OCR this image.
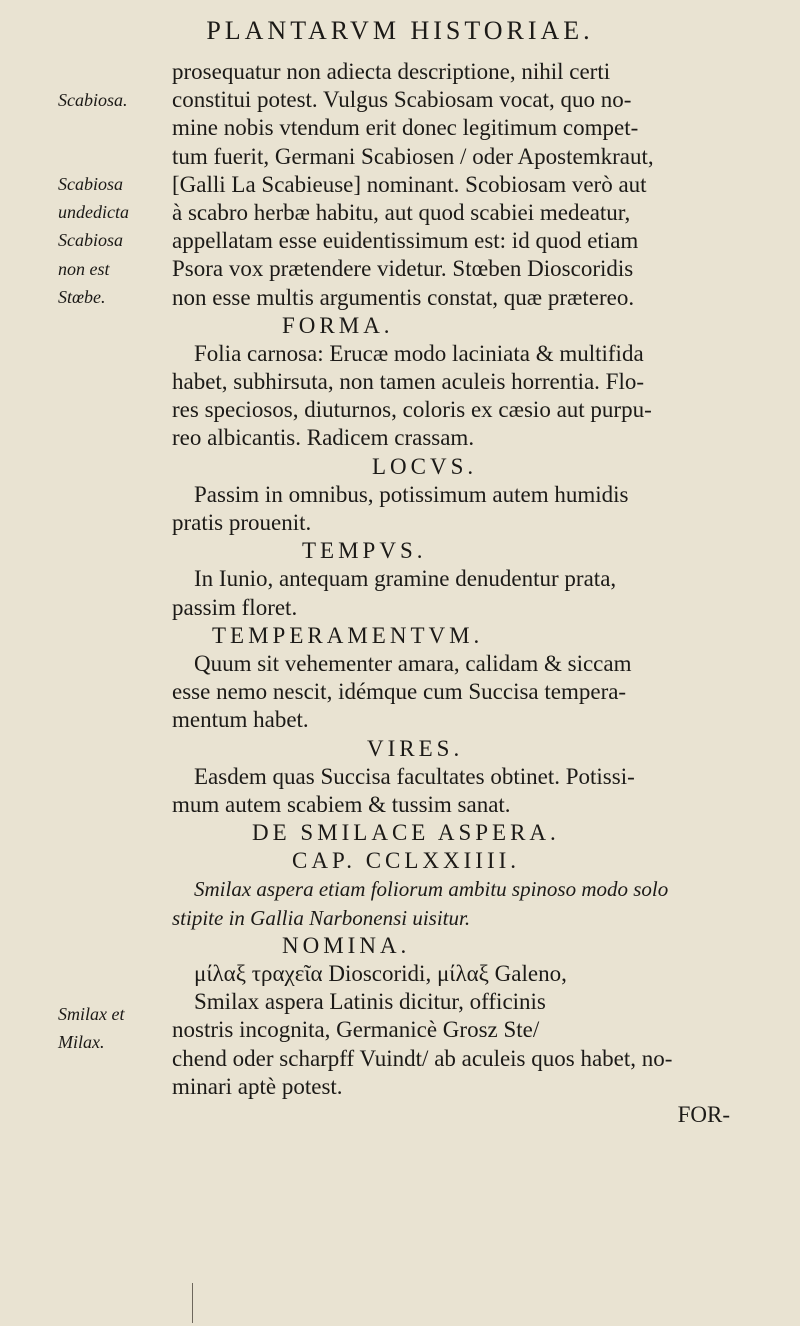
PLANTARVM HISTORIAE.
Scabiosa.
Scabiosa
undedicta
Scabiosa
non est
Stœbe.
Smilax et
Milax.
prosequatur non adiecta descriptione, nihil certi
constitui potest. Vulgus Scabiosam vocat, quo no-
mine nobis vtendum erit donec legitimum compet-
tum fuerit, Germani Scabiosen / oder Apostemkraut,
[Galli La Scabieuse] nominant. Scobiosam verò aut
à scabro herbæ habitu, aut quod scabiei medeatur,
appellatam esse euidentissimum est: id quod etiam
Psora vox prætendere videtur. Stœben Dioscoridis
non esse multis argumentis constat, quæ prætereo.
FORMA.
Folia carnosa: Erucæ modo laciniata & multifida
habet, subhirsuta, non tamen aculeis horrentia. Flo-
res speciosos, diuturnos, coloris ex cæsio aut purpu-
reo albicantis. Radicem crassam.
LOCVS.
Passim in omnibus, potissimum autem humidis
pratis prouenit.
TEMPVS.
In Iunio, antequam gramine denudentur prata,
passim floret.
TEMPERAMENTVM.
Quum sit vehementer amara, calidam & siccam
esse nemo nescit, idémque cum Succisa tempera-
mentum habet.
VIRES.
Easdem quas Succisa facultates obtinet. Potissi-
mum autem scabiem & tussim sanat.
DE SMILACE ASPERA.
CAP. CCLXXIIII.
Smilax aspera etiam foliorum ambitu spinoso modo solo
stipite in Gallia Narbonensi uisitur.
NOMINA.
μίλαξ τραχεῖα Dioscoridi, μίλαξ Galeno,
Smilax aspera Latinis dicitur, officinis
nostris incognita, Germanicè Grosz Ste/
chend oder scharpff Vuindt/ ab aculeis quos habet, no-
minari aptè potest.
FOR-
